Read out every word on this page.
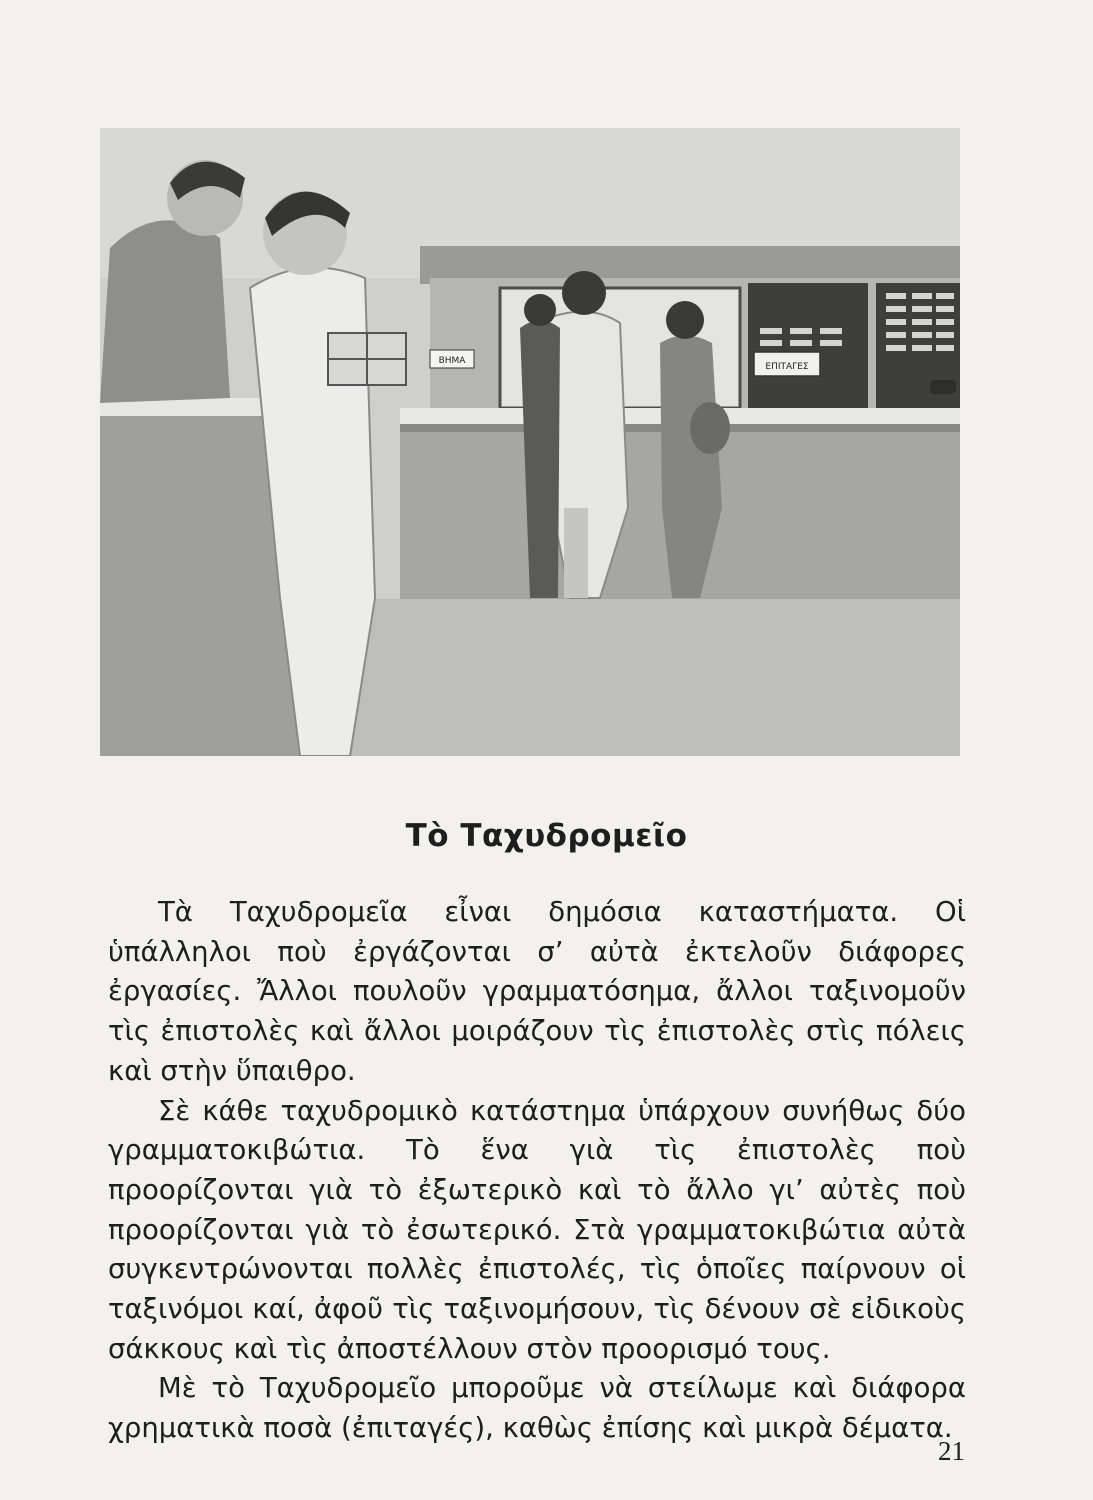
ΕΠΙΤΑΓΕΣ
ΒΗΜΑ
Τὸ Ταχυδρομεῖο

Τὰ Ταχυδρομεῖα εἶναι δημόσια καταστήματα. Οἱ ὑπάλληλοι ποὺ ἐργάζονται σ’ αὐτὰ ἐκτελοῦν διάφορες ἐργασίες. Ἄλλοι πουλοῦν γραμματόσημα, ἄλλοι ταξινομοῦν τὶς ἐπιστολὲς καὶ ἄλλοι μοιράζουν τὶς ἐπιστολὲς στὶς πόλεις καὶ στὴν ὕπαιθρο.

Σὲ κάθε ταχυδρομικὸ κατάστημα ὑπάρχουν συνήθως δύο γραμματοκιβώτια. Τὸ ἕνα γιὰ τὶς ἐπιστολὲς ποὺ προορίζονται γιὰ τὸ ἐξωτερικὸ καὶ τὸ ἄλλο γι’ αὐτὲς ποὺ προορίζονται γιὰ τὸ ἐσωτερικό. Στὰ γραμματοκιβώτια αὐτὰ συγκεντρώνονται πολλὲς ἐπιστολές, τὶς ὁποῖες παίρνουν οἱ ταξινόμοι καί, ἀφοῦ τὶς ταξινομήσουν, τὶς δένουν σὲ εἰδικοὺς σάκκους καὶ τὶς ἀποστέλλουν στὸν προορισμό τους.

Μὲ τὸ Ταχυδρομεῖο μποροῦμε νὰ στείλωμε καὶ διάφορα χρηματικὰ ποσὰ (ἐπιταγές), καθὼς ἐπίσης καὶ μικρὰ δέματα.

21
